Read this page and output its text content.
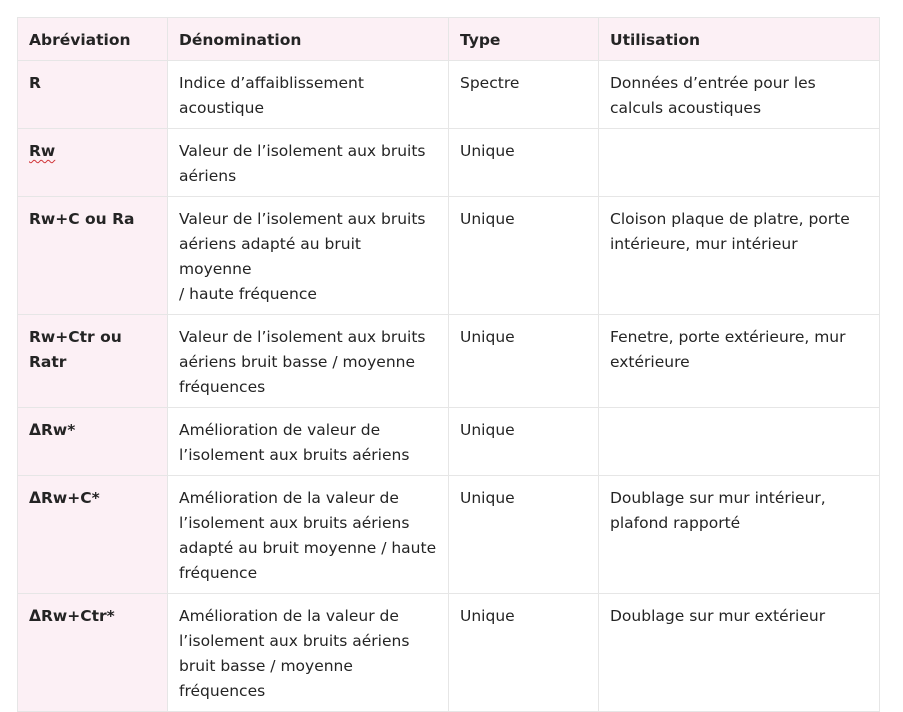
Abréviation	Dénomination	Type	Utilisation
R	Indice d’affaiblissement acoustique	Spectre	Données d’entrée pour les calculs acoustiques
Rw	Valeur de l’isolement aux bruits aériens	Unique	
Rw+C ou Ra	Valeur de l’isolement aux bruits
aériens adapté au bruit moyenne
/ haute fréquence	Unique	Cloison plaque de platre, porte intérieure, mur intérieur
Rw+Ctr ou Ratr	Valeur de l’isolement aux bruits
aériens bruit basse / moyenne
fréquences	Unique	Fenetre, porte extérieure, mur extérieure
ΔRw*	Amélioration de valeur de
l’isolement aux bruits aériens	Unique	
ΔRw+C*	Amélioration de la valeur de
l’isolement aux bruits aériens
adapté au bruit moyenne / haute
fréquence	Unique	Doublage sur mur intérieur,
plafond rapporté
ΔRw+Ctr*	Amélioration de la valeur de
l’isolement aux bruits aériens
bruit basse / moyenne
fréquences	Unique	Doublage sur mur extérieur
